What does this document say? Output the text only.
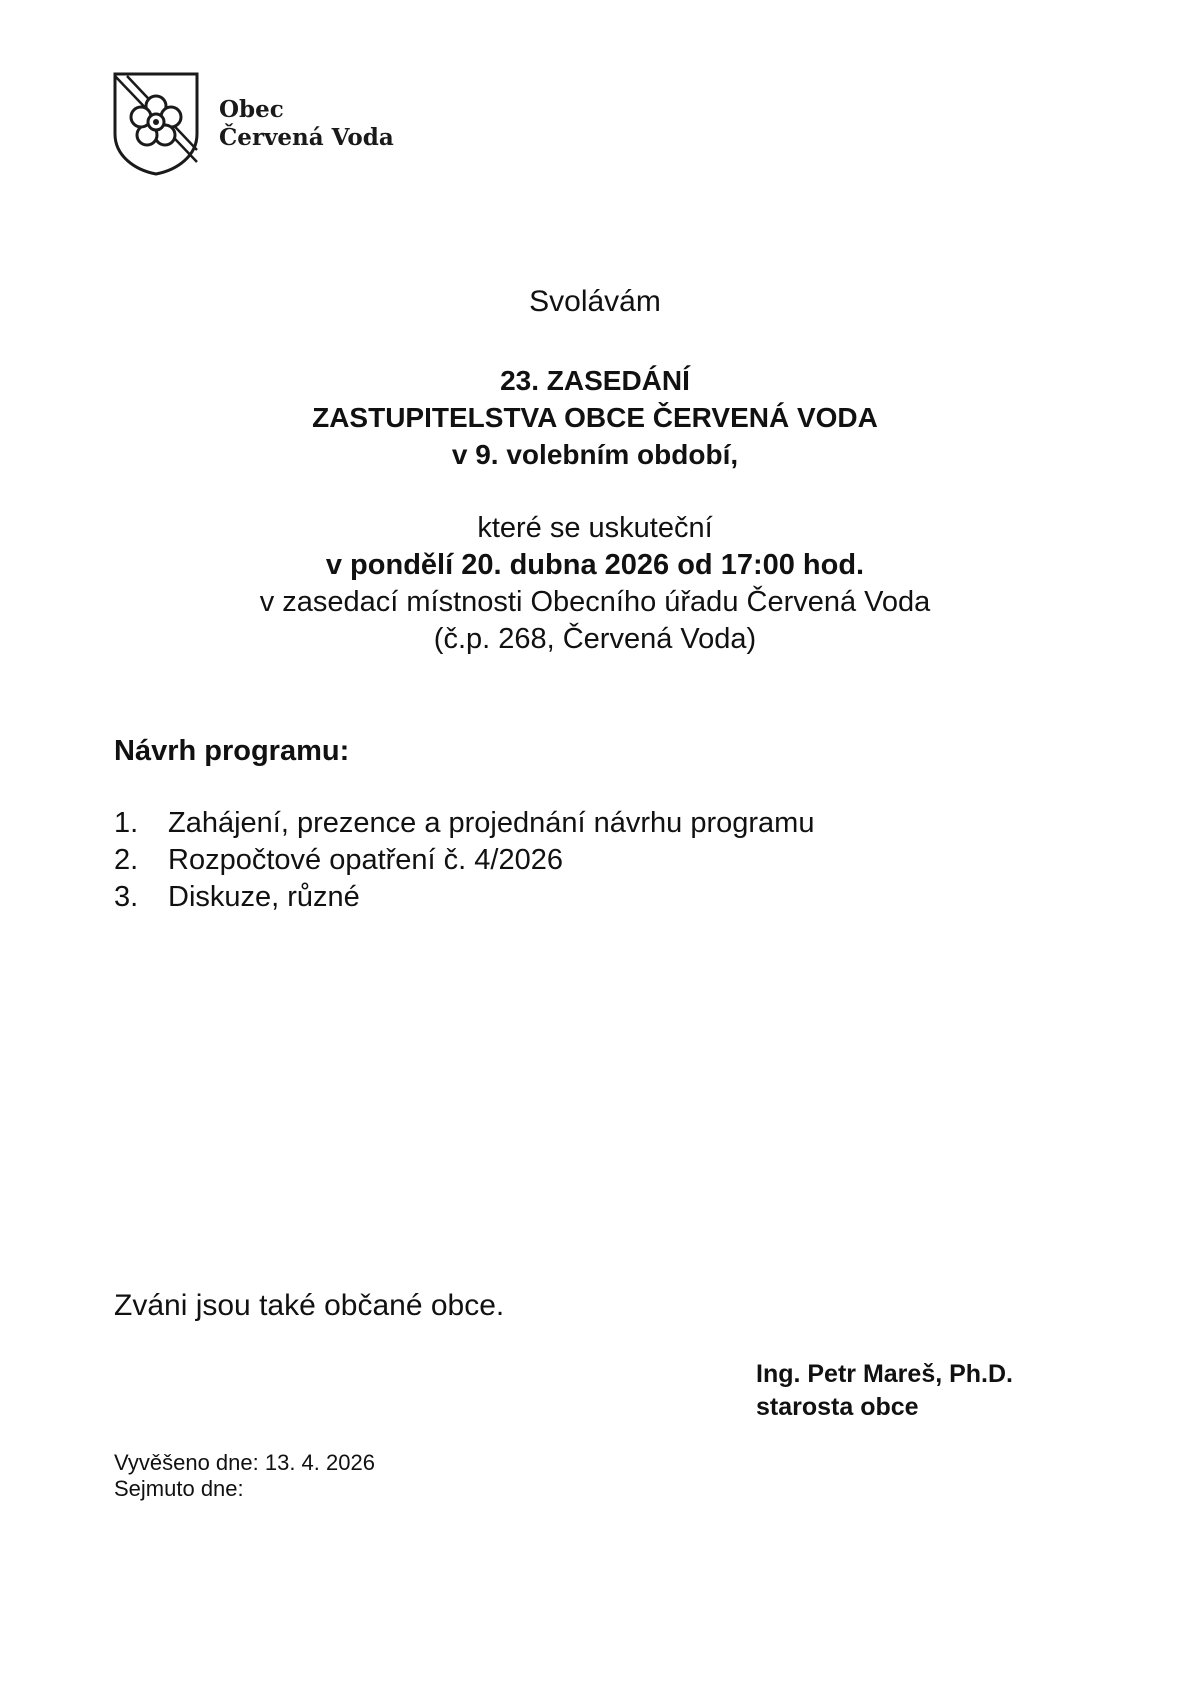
Obec
Červená Voda
Svolávám
23. ZASEDÁNÍ
ZASTUPITELSTVA OBCE ČERVENÁ VODA
v 9. volebním období,
které se uskuteční
v pondělí 20. dubna 2026 od 17:00 hod.
v zasedací místnosti Obecního úřadu Červená Voda
(č.p. 268, Červená Voda)
Návrh programu:
1.	Zahájení, prezence a projednání návrhu programu
2.	Rozpočtové opatření č. 4/2026
3.	Diskuze, různé
Zváni jsou také občané obce.
Ing. Petr Mareš, Ph.D.
starosta obce
Vyvěšeno dne: 13. 4. 2026
Sejmuto dne:
